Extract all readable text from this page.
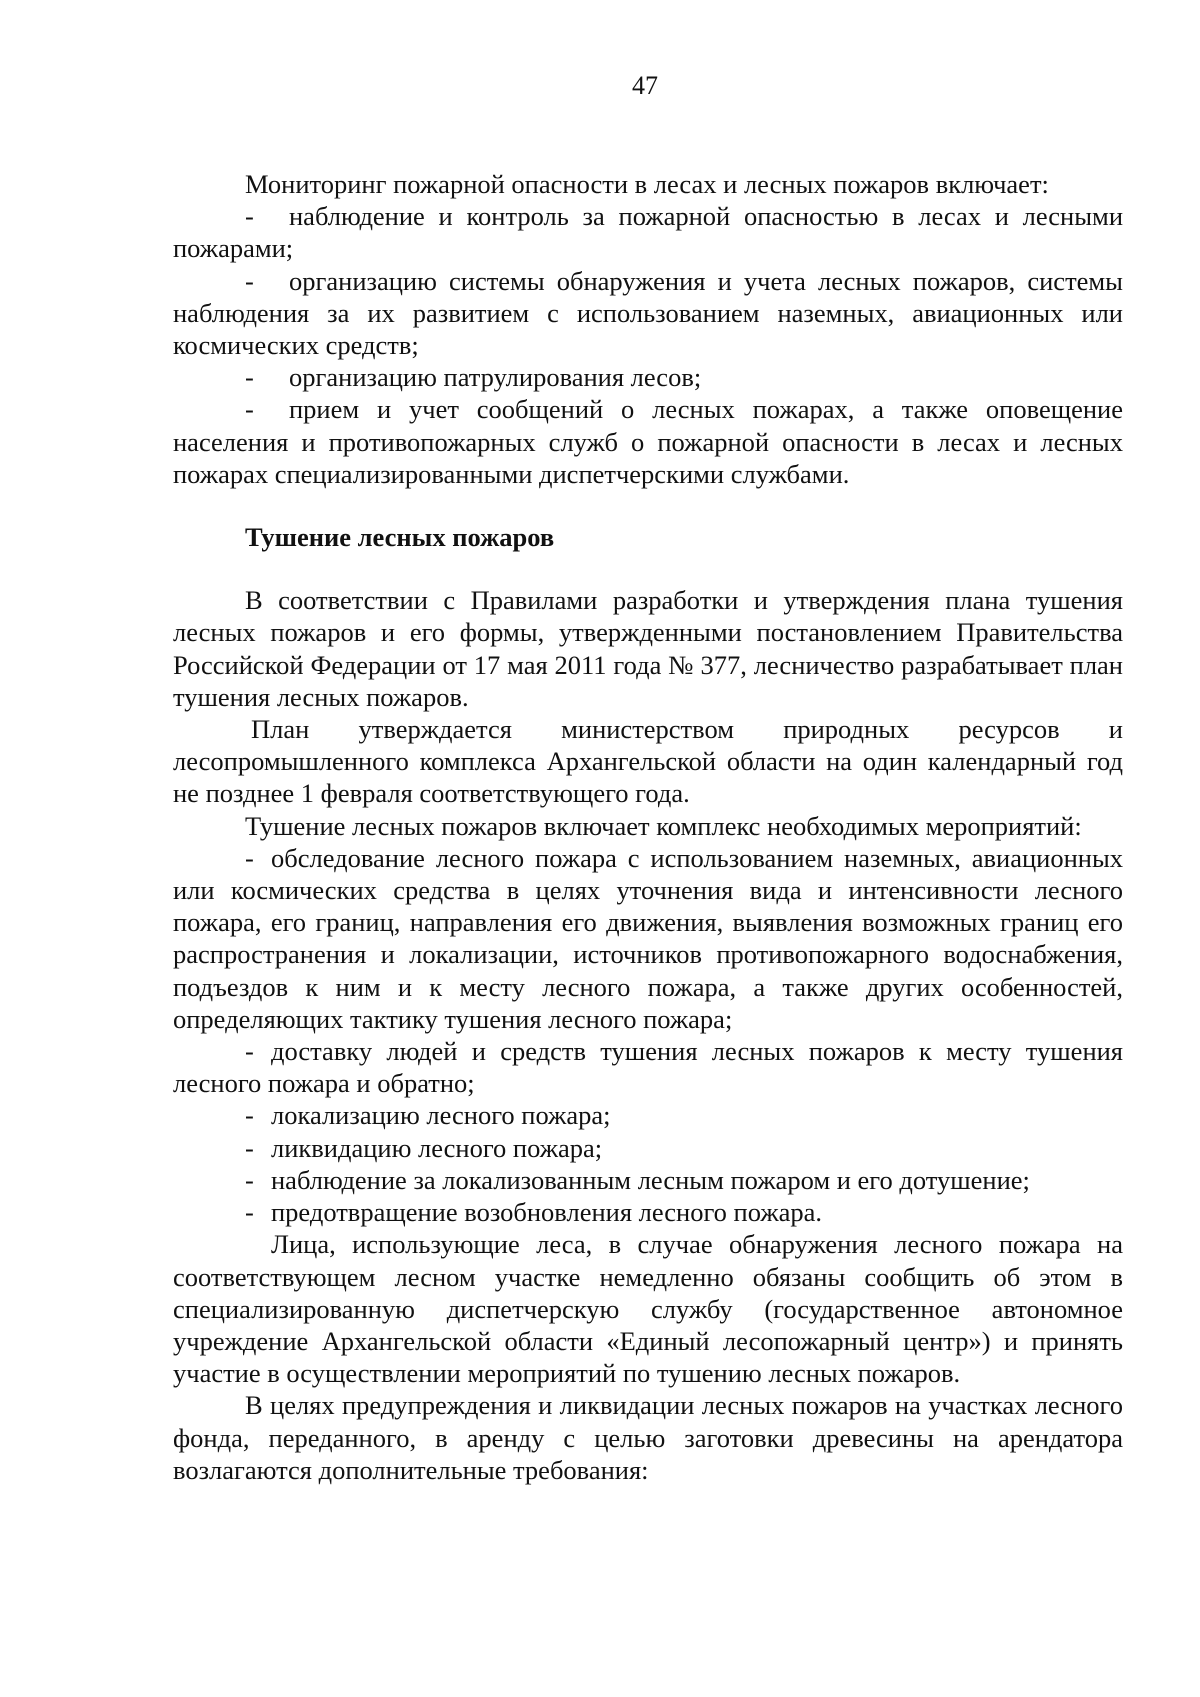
47

Мониторинг пожарной опасности в лесах и лесных пожаров включает:

- наблюдение и контроль за пожарной опасностью в лесах и лесными пожарами;

- организацию системы обнаружения и учета лесных пожаров, системы наблюдения за их развитием с использованием наземных, авиационных или космических средств;

- организацию патрулирования лесов;

- прием и учет сообщений о лесных пожарах, а также оповещение населения и противопожарных служб о пожарной опасности в лесах и лесных пожарах специализированными диспетчерскими службами.

Тушение лесных пожаров

В соответствии с Правилами разработки и утверждения плана тушения лесных пожаров и его формы, утвержденными постановлением Правительства Российской Федерации от 17 мая 2011 года № 377, лесничество разрабатывает план тушения лесных пожаров.

План утверждается министерством природных ресурсов и лесопромышленного комплекса Архангельской области на один календарный год не позднее 1 февраля соответствующего года.

Тушение лесных пожаров включает комплекс необходимых мероприятий:

- обследование лесного пожара с использованием наземных, авиационных или космических средства в целях уточнения вида и интенсивности лесного пожара, его границ, направления его движения, выявления возможных границ его распространения и локализации, источников противопожарного водоснабжения, подъездов к ним и к месту лесного пожара, а также других особенностей, определяющих тактику тушения лесного пожара;

- доставку людей и средств тушения лесных пожаров к месту тушения лесного пожара и обратно;

- локализацию лесного пожара;

- ликвидацию лесного пожара;

- наблюдение за локализованным лесным пожаром и его дотушение;

- предотвращение возобновления лесного пожара.

Лица, использующие леса, в случае обнаружения лесного пожара на соответствующем лесном участке немедленно обязаны сообщить об этом в специализированную диспетчерскую службу (государственное автономное учреждение Архангельской области «Единый лесопожарный центр») и принять участие в осуществлении мероприятий по тушению лесных пожаров.

В целях предупреждения и ликвидации лесных пожаров на участках лесного фонда, переданного, в аренду с целью заготовки древесины на арендатора возлагаются дополнительные требования:
